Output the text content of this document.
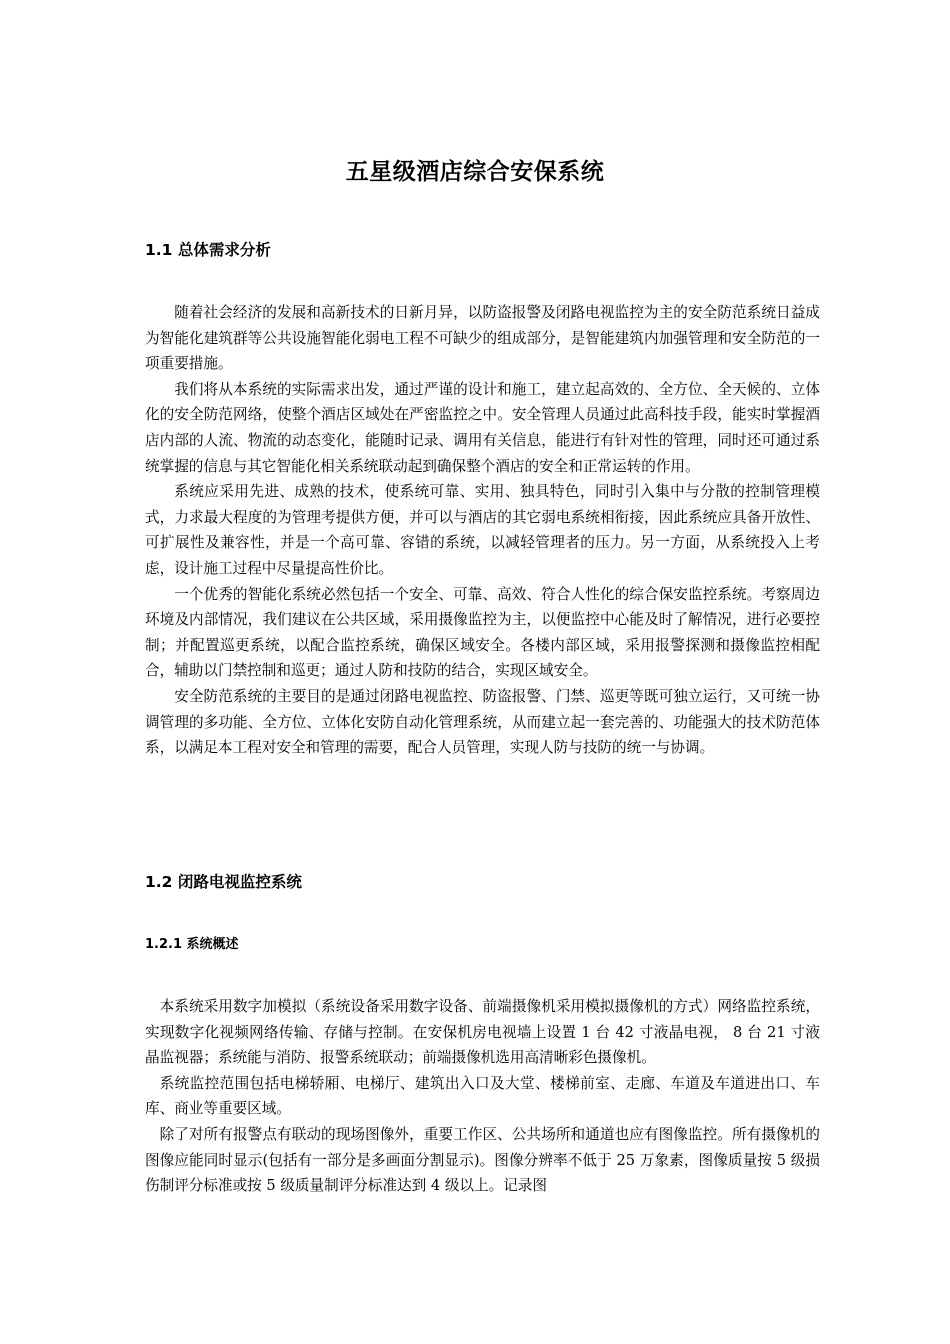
五星级酒店综合安保系统
1.1 总体需求分析

随着社会经济的发展和高新技术的日新月异，以防盗报警及闭路电视监控为主的安全防范系统日益成为智能化建筑群等公共设施智能化弱电工程不可缺少的组成部分，是智能建筑内加强管理和安全防范的一项重要措施。

我们将从本系统的实际需求出发，通过严谨的设计和施工，建立起高效的、全方位、全天候的、立体化的安全防范网络，使整个酒店区域处在严密监控之中。安全管理人员通过此高科技手段，能实时掌握酒店内部的人流、物流的动态变化，能随时记录、调用有关信息，能进行有针对性的管理，同时还可通过系统掌握的信息与其它智能化相关系统联动起到确保整个酒店的安全和正常运转的作用。

系统应采用先进、成熟的技术，使系统可靠、实用、独具特色，同时引入集中与分散的控制管理模式，力求最大程度的为管理考提供方便，并可以与酒店的其它弱电系统相衔接，因此系统应具备开放性、可扩展性及兼容性，并是一个高可靠、容错的系统，以减轻管理者的压力。另一方面，从系统投入上考虑，设计施工过程中尽量提高性价比。

一个优秀的智能化系统必然包括一个安全、可靠、高效、符合人性化的综合保安监控系统。考察周边环境及内部情况，我们建议在公共区域，采用摄像监控为主，以便监控中心能及时了解情况，进行必要控制；并配置巡更系统，以配合监控系统，确保区域安全。各楼内部区域，采用报警探测和摄像监控相配合，辅助以门禁控制和巡更；通过人防和技防的结合，实现区域安全。

安全防范系统的主要目的是通过闭路电视监控、防盗报警、门禁、巡更等既可独立运行，又可统一协调管理的多功能、全方位、立体化安防自动化管理系统，从而建立起一套完善的、功能强大的技术防范体系，以满足本工程对安全和管理的需要，配合人员管理，实现人防与技防的统一与协调。

1.2 闭路电视监控系统
1.2.1 系统概述

本系统采用数字加模拟（系统设备采用数字设备、前端摄像机采用模拟摄像机的方式）网络监控系统，实现数字化视频网络传输、存储与控制。在安保机房电视墙上设置 1 台 42 寸液晶电视， 8 台 21 寸液晶监视器；系统能与消防、报警系统联动；前端摄像机选用高清晰彩色摄像机。

系统监控范围包括电梯轿厢、电梯厅、建筑出入口及大堂、楼梯前室、走廊、车道及车道进出口、车库、商业等重要区域。

除了对所有报警点有联动的现场图像外，重要工作区、公共场所和通道也应有图像监控。所有摄像机的图像应能同时显示(包括有一部分是多画面分割显示)。图像分辨率不低于 25 万象素，图像质量按 5 级损伤制评分标准或按 5 级质量制评分标准达到 4 级以上。记录图
